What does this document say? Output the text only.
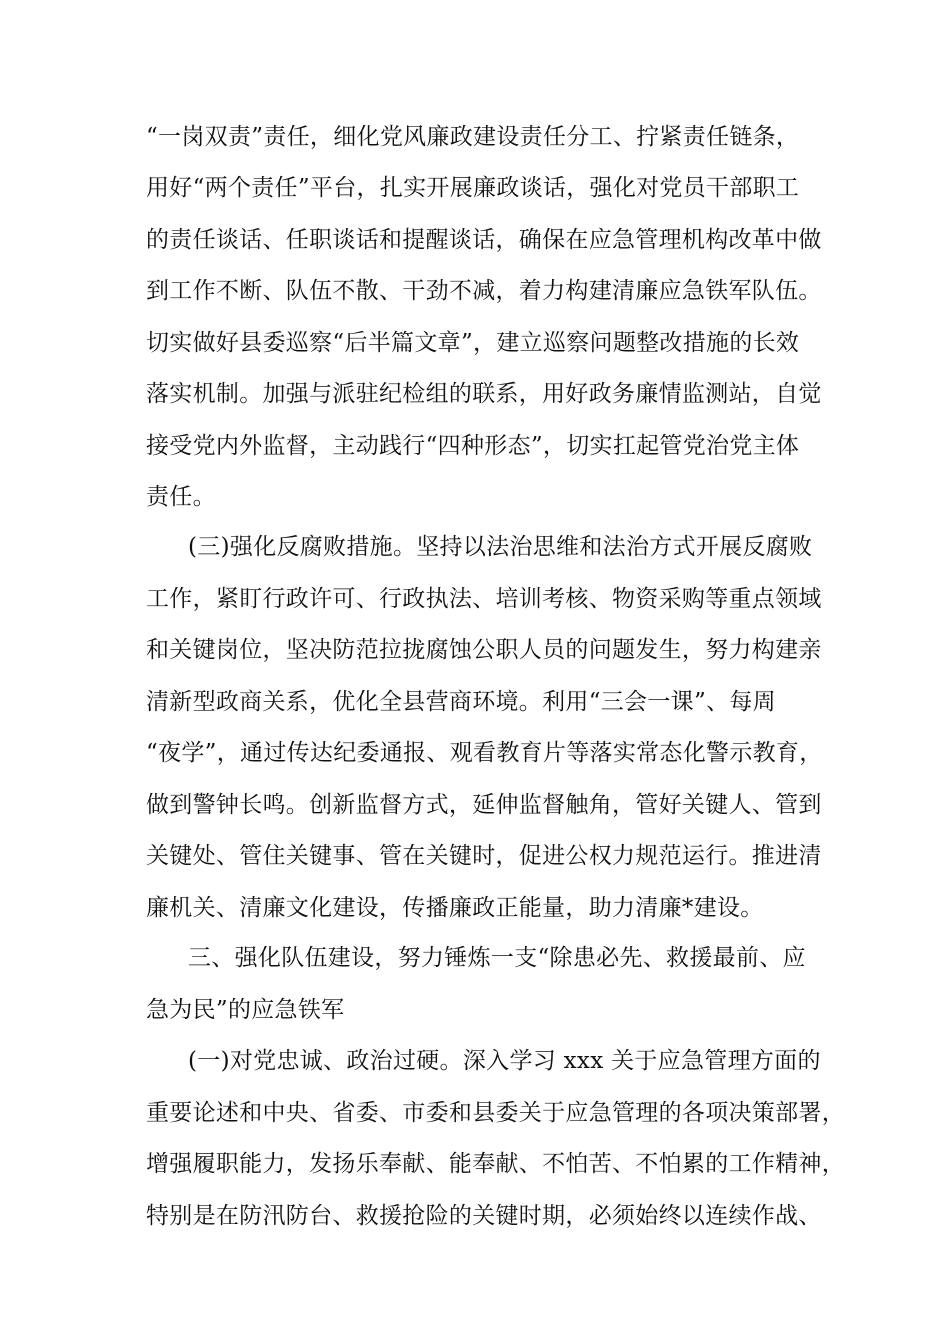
“一岗双责”责任，细化党风廉政建设责任分工、拧紧责任链条，
用好“两个责任”平台，扎实开展廉政谈话，强化对党员干部职工
的责任谈话、任职谈话和提醒谈话，确保在应急管理机构改革中做
到工作不断、队伍不散、干劲不减，着力构建清廉应急铁军队伍。
切实做好县委巡察“后半篇文章”，建立巡察问题整改措施的长效
落实机制。加强与派驻纪检组的联系，用好政务廉情监测站，自觉
接受党内外监督，主动践行“四种形态”，切实扛起管党治党主体
责任。
(三)强化反腐败措施。坚持以法治思维和法治方式开展反腐败
工作，紧盯行政许可、行政执法、培训考核、物资采购等重点领域
和关键岗位，坚决防范拉拢腐蚀公职人员的问题发生，努力构建亲
清新型政商关系，优化全县营商环境。利用“三会一课”、每周
“夜学”，通过传达纪委通报、观看教育片等落实常态化警示教育，
做到警钟长鸣。创新监督方式，延伸监督触角，管好关键人、管到
关键处、管住关键事、管在关键时，促进公权力规范运行。推进清
廉机关、清廉文化建设，传播廉政正能量，助力清廉*建设。
三、强化队伍建设，努力锤炼一支“除患必先、救援最前、应
急为民”的应急铁军
(一)对党忠诚、政治过硬。深入学习 xxx 关于应急管理方面的
重要论述和中央、省委、市委和县委关于应急管理的各项决策部署，
增强履职能力，发扬乐奉献、能奉献、不怕苦、不怕累的工作精神，
特别是在防汛防台、救援抢险的关键时期，必须始终以连续作战、
